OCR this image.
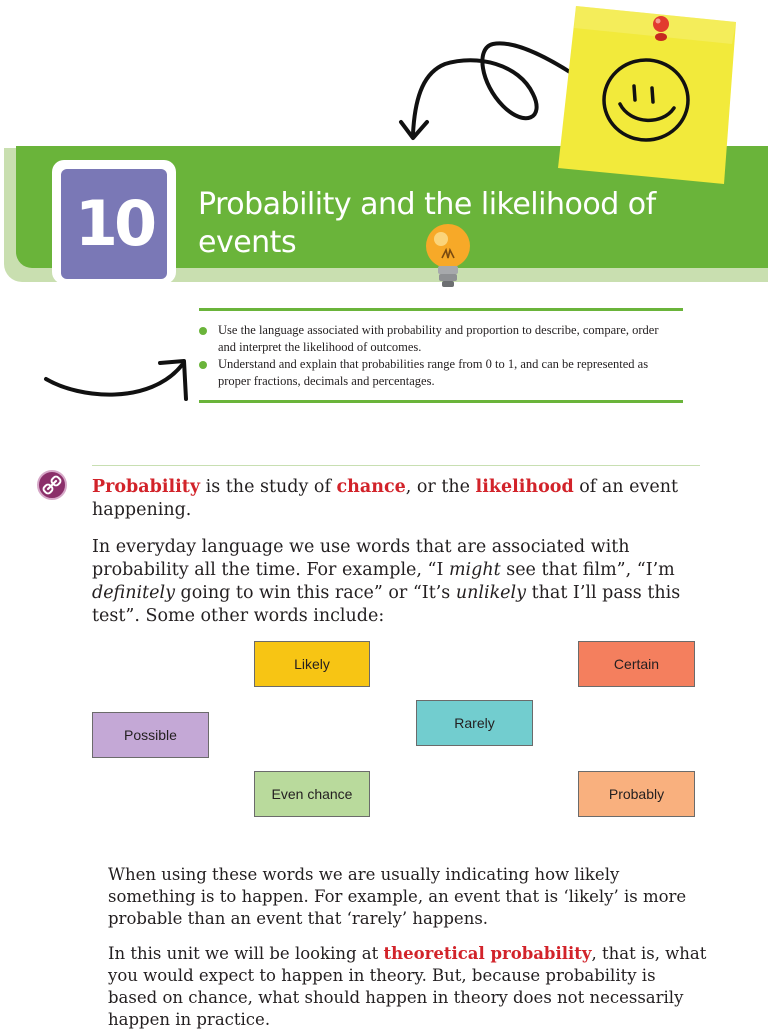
10	Probability and the likelihood of events
Use the language associated with probability and proportion to describe, compare, order and interpret the likelihood of outcomes.
Understand and explain that probabilities range from 0 to 1, and can be represented as proper fractions, decimals and percentages.

Probability is the study of chance, or the likelihood of an event happening.

In everyday language we use words that are associated with probability all the time. For example, “I might see that film”, “I’m definitely going to win this race” or “It’s unlikely that I’ll pass this test”. Some other words include:

Likely	Certain
Possible
Rarely
Even chance	Probably

When using these words we are usually indicating how likely something is to happen. For example, an event that is ‘likely’ is more probable than an event that ‘rarely’ happens.

In this unit we will be looking at theoretical probability, that is, what you would expect to happen in theory. But, because probability is based on chance, what should happen in theory does not necessarily happen in practice.
